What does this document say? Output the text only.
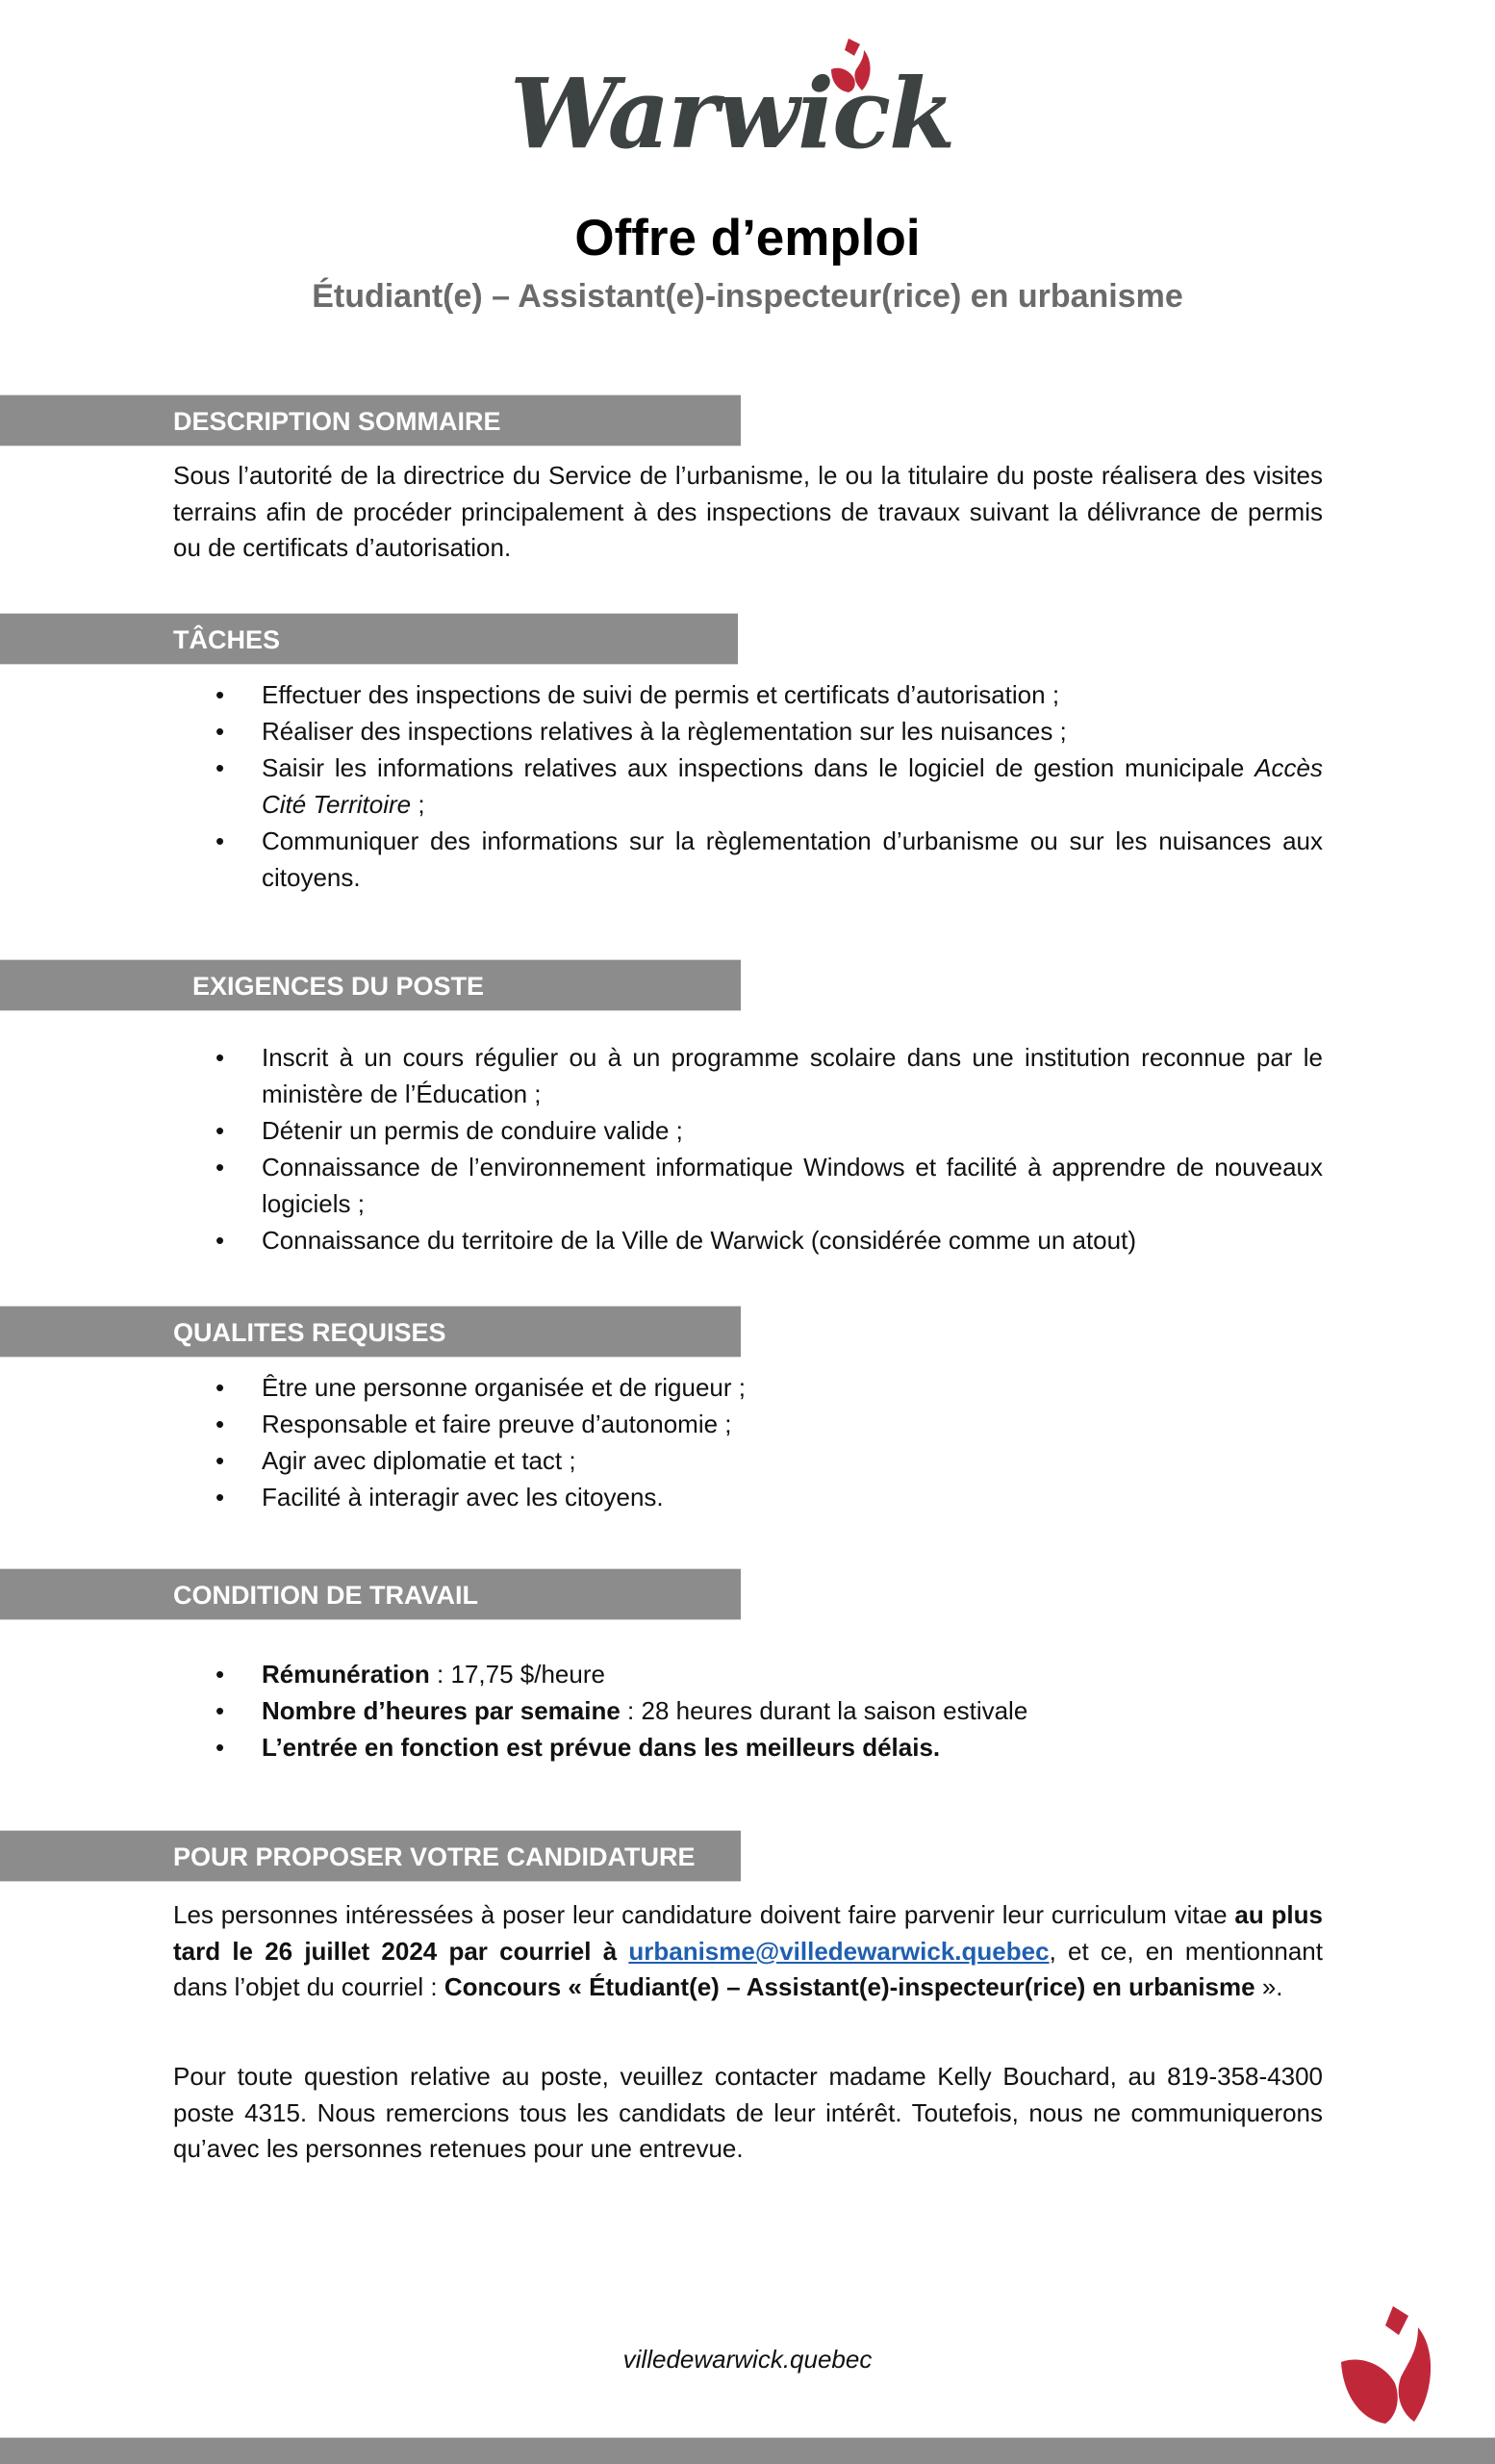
Warwick
Offre d’emploi
Étudiant(e) – Assistant(e)-inspecteur(rice) en urbanisme
DESCRIPTION SOMMAIRE

Sous l’autorité de la directrice du Service de l’urbanisme, le ou la titulaire du poste réalisera des visites terrains afin de procéder principalement à des inspections de travaux suivant la délivrance de permis ou de certificats d’autorisation.

TÂCHES
• Effectuer des inspections de suivi de permis et certificats d’autorisation ;
• Réaliser des inspections relatives à la règlementation sur les nuisances ;
• Saisir les informations relatives aux inspections dans le logiciel de gestion municipale Accès Cité Territoire ;
• Communiquer des informations sur la règlementation d’urbanisme ou sur les nuisances aux citoyens.
EXIGENCES DU POSTE
• Inscrit à un cours régulier ou à un programme scolaire dans une institution reconnue par le ministère de l’Éducation ;
• Détenir un permis de conduire valide ;
• Connaissance de l’environnement informatique Windows et facilité à apprendre de nouveaux logiciels ;
• Connaissance du territoire de la Ville de Warwick (considérée comme un atout)
QUALITES REQUISES
• Être une personne organisée et de rigueur ;
• Responsable et faire preuve d’autonomie ;
• Agir avec diplomatie et tact ;
• Facilité à interagir avec les citoyens.
CONDITION DE TRAVAIL
• Rémunération : 17,75 $/heure
• Nombre d’heures par semaine : 28 heures durant la saison estivale
• L’entrée en fonction est prévue dans les meilleurs délais.
POUR PROPOSER VOTRE CANDIDATURE

Les personnes intéressées à poser leur candidature doivent faire parvenir leur curriculum vitae au plus tard le 26 juillet 2024 par courriel à urbanisme@villedewarwick.quebec, et ce, en mentionnant dans l’objet du courriel : Concours « Étudiant(e) – Assistant(e)-inspecteur(rice) en urbanisme ».

Pour toute question relative au poste, veuillez contacter madame Kelly Bouchard, au 819-358-4300 poste 4315. Nous remercions tous les candidats de leur intérêt. Toutefois, nous ne communiquerons qu’avec les personnes retenues pour une entrevue.

villedewarwick.quebec
